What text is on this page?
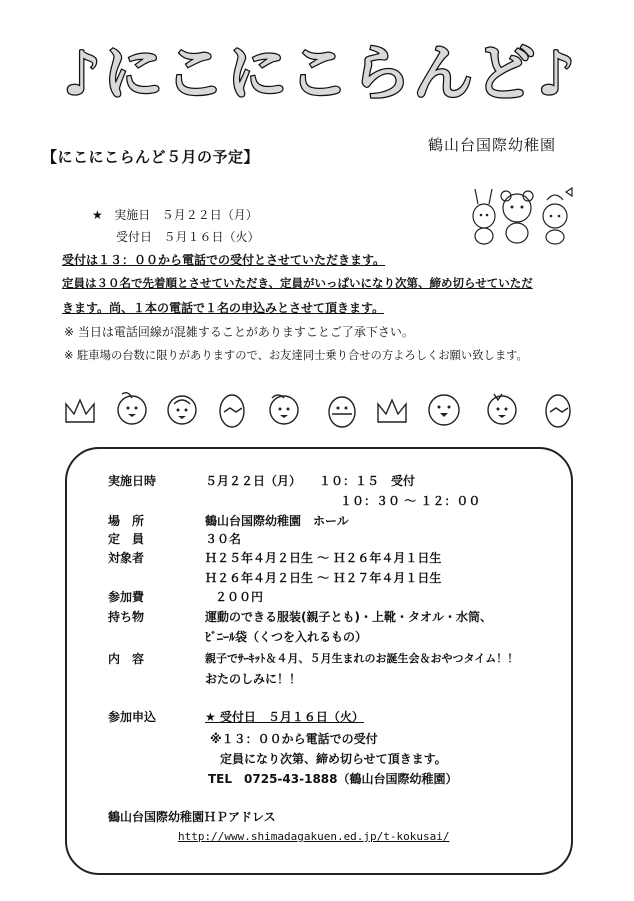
♪にこにこらんど♪
鶴山台国際幼稚園
【にこにこらんど５月の予定】
★ 実施日 ５月２２日（月）
受付日 ５月１６日（火）
受付は１３：００から電話での受付とさせていただきます。
定員は３０名で先着順とさせていただき、定員がいっぱいになり次第、締め切らせていただ
きます。尚、１本の電話で１名の申込みとさせて頂きます。
※ 当日は電話回線が混雑することがありますことご了承下さい。
※ 駐車場の台数に限りがありますので、お友達同士乗り合せの方よろしくお願い致します。
実施日時	５月２２日（月）　　１０：１５　受付
１０：３０ ～ １２：００
場　所	鶴山台国際幼稚園　ホール
定　員	３０名
対象者	Ｈ２５年４月２日生 ～ Ｈ２６年４月１日生
Ｈ２６年４月２日生 ～ Ｈ２７年４月１日生
参加費	２００円
持ち物	運動のできる服装(親子とも)・上靴・タオル・水筒、
ﾋﾞﾆｰﾙ袋（くつを入れるもの）
内　容	親子でｻｰｷｯﾄ＆４月、５月生まれのお誕生会＆おやつタイム！！
おたのしみに！！
参加申込	★ 受付日　５月１６日（火）
※１３：００から電話での受付
定員になり次第、締め切らせて頂きます。
TEL　0725-43-1888（鶴山台国際幼稚園）
鶴山台国際幼稚園ＨＰアドレス
http://www.shimadagakuen.ed.jp/t-kokusai/
